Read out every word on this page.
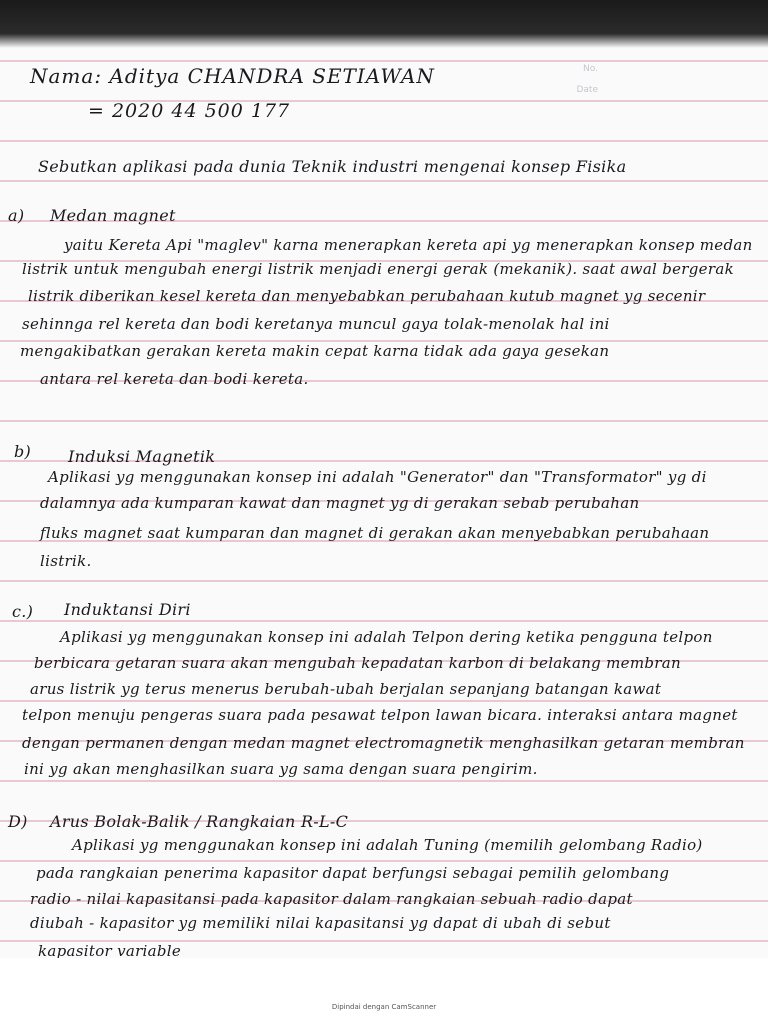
No.
Date
Nama: Aditya CHANDRA SETIAWAN
= 2020 44 500 177
Sebutkan aplikasi pada dunia Teknik industri mengenai konsep Fisika
a) Medan magnet
yaitu Kereta Api "maglev" karna menerapkan kereta api yg menerapkan konsep medan
listrik untuk mengubah energi listrik menjadi energi gerak (mekanik). saat awal bergerak
listrik diberikan kesel kereta dan menyebabkan perubahaan kutub magnet yg secenir
sehinnga rel kereta dan bodi keretanya muncul gaya tolak-menolak hal ini
mengakibatkan gerakan kereta makin cepat karna tidak ada gaya gesekan
antara rel kereta dan bodi kereta.
b) Induksi Magnetik
Aplikasi yg menggunakan konsep ini adalah "Generator" dan "Transformator" yg di
dalamnya ada kumparan kawat dan magnet yg di gerakan sebab perubahan
fluks magnet saat kumparan dan magnet di gerakan akan menyebabkan perubahaan
listrik.
c.) Induktansi Diri
Aplikasi yg menggunakan konsep ini adalah Telpon dering ketika pengguna telpon
berbicara getaran suara akan mengubah kepadatan karbon di belakang membran
arus listrik yg terus menerus berubah-ubah berjalan sepanjang batangan kawat
telpon menuju pengeras suara pada pesawat telpon lawan bicara. interaksi antara magnet
dengan permanen dengan medan magnet electromagnetik menghasilkan getaran membran
ini yg akan menghasilkan suara yg sama dengan suara pengirim.
D) Arus Bolak-Balik / Rangkaian R-L-C
Aplikasi yg menggunakan konsep ini adalah Tuning (memilih gelombang Radio)
pada rangkaian penerima kapasitor dapat berfungsi sebagai pemilih gelombang
radio - nilai kapasitansi pada kapasitor dalam rangkaian sebuah radio dapat
diubah - kapasitor yg memiliki nilai kapasitansi yg dapat di ubah di sebut
kapasitor variable
Dipindai dengan CamScanner
